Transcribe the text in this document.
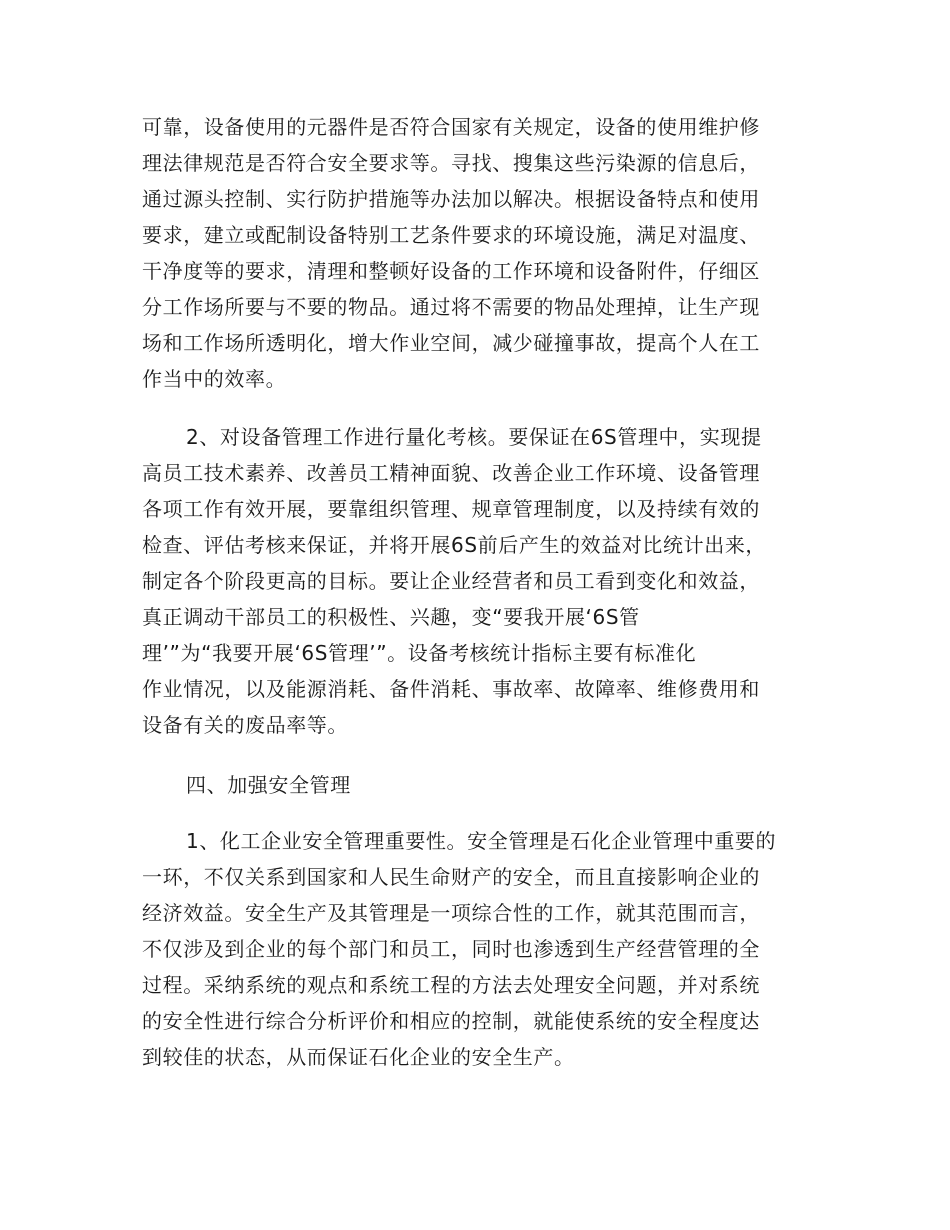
可靠，设备使用的元器件是否符合国家有关规定，设备的使用维护修
理法律规范是否符合安全要求等。寻找、搜集这些污染源的信息后，
通过源头控制、实行防护措施等办法加以解决。根据设备特点和使用
要求，建立或配制设备特别工艺条件要求的环境设施，满足对温度、
干净度等的要求，清理和整顿好设备的工作环境和设备附件，仔细区
分工作场所要与不要的物品。通过将不需要的物品处理掉，让生产现
场和工作场所透明化，增大作业空间，减少碰撞事故，提高个人在工
作当中的效率。
2、对设备管理工作进行量化考核。要保证在6S管理中，实现提
高员工技术素养、改善员工精神面貌、改善企业工作环境、设备管理
各项工作有效开展，要靠组织管理、规章管理制度，以及持续有效的
检查、评估考核来保证，并将开展6S前后产生的效益对比统计出来，
制定各个阶段更高的目标。要让企业经营者和员工看到变化和效益，
真正调动干部员工的积极性、兴趣，变“要我开展‘6S管
理’”为“我要开展‘6S管理’”。设备考核统计指标主要有标准化
作业情况，以及能源消耗、备件消耗、事故率、故障率、维修费用和
设备有关的废品率等。
四、加强安全管理
1、化工企业安全管理重要性。安全管理是石化企业管理中重要的
一环，不仅关系到国家和人民生命财产的安全，而且直接影响企业的
经济效益。安全生产及其管理是一项综合性的工作，就其范围而言，
不仅涉及到企业的每个部门和员工，同时也渗透到生产经营管理的全
过程。采纳系统的观点和系统工程的方法去处理安全问题，并对系统
的安全性进行综合分析评价和相应的控制，就能使系统的安全程度达
到较佳的状态，从而保证石化企业的安全生产。
